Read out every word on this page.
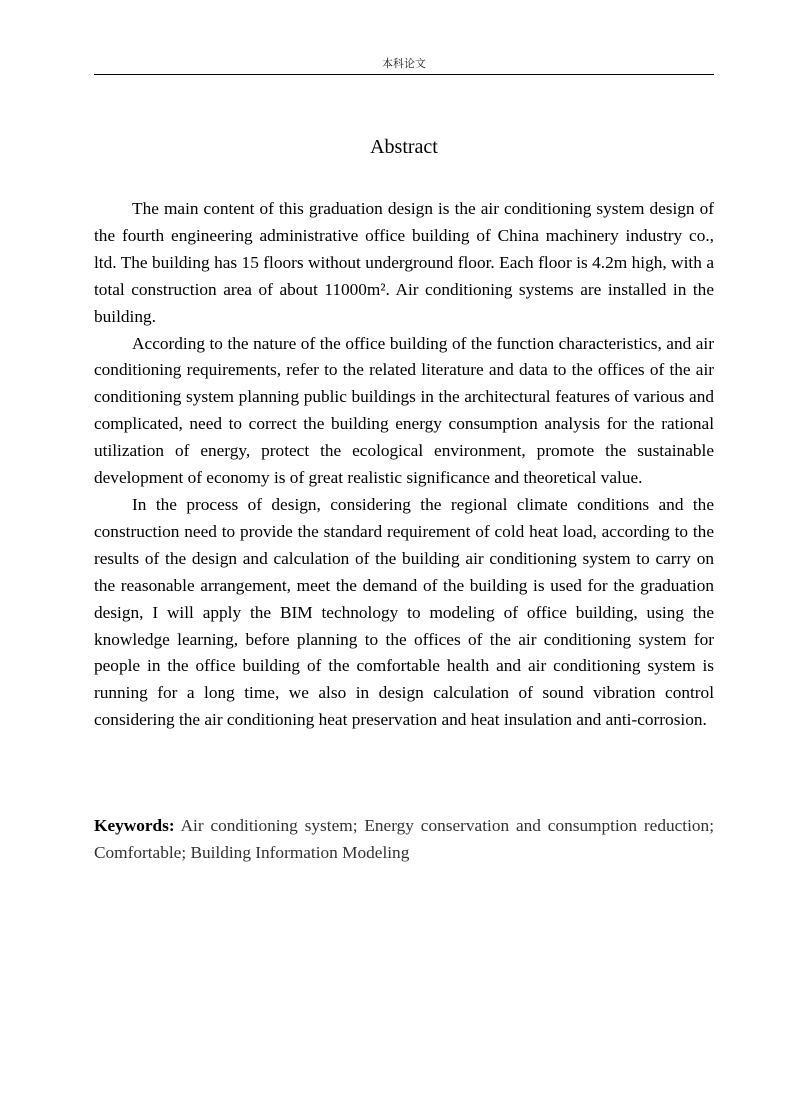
本科论文
Abstract

The main content of this graduation design is the air conditioning system design of the fourth engineering administrative office building of China machinery industry co., ltd. The building has 15 floors without underground floor. Each floor is 4.2m high, with a total construction area of about 11000m². Air conditioning systems are installed in the building.

According to the nature of the office building of the function characteristics, and air conditioning requirements, refer to the related literature and data to the offices of the air conditioning system planning public buildings in the architectural features of various and complicated, need to correct the building energy consumption analysis for the rational utilization of energy, protect the ecological environment, promote the sustainable development of economy is of great realistic significance and theoretical value.

In the process of design, considering the regional climate conditions and the construction need to provide the standard requirement of cold heat load, according to the results of the design and calculation of the building air conditioning system to carry on the reasonable arrangement, meet the demand of the building is used for the graduation design, I will apply the BIM technology to modeling of office building, using the knowledge learning, before planning to the offices of the air conditioning system for people in the office building of the comfortable health and air conditioning system is running for a long time, we also in design calculation of sound vibration control considering the air conditioning heat preservation and heat insulation and anti-corrosion.

Keywords: Air conditioning system; Energy conservation and consumption reduction; Comfortable; Building Information Modeling
